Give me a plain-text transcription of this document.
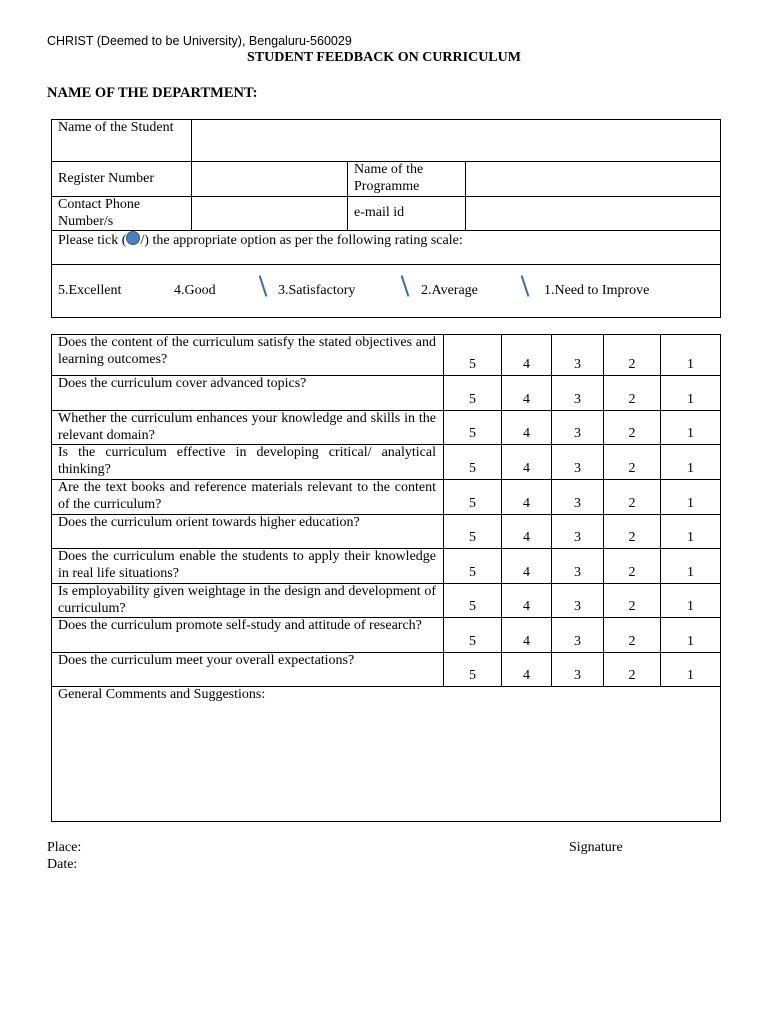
CHRIST (Deemed to be University), Bengaluru-560029
STUDENT FEEDBACK ON CURRICULUM
NAME OF THE DEPARTMENT:
Name of the Student			
Register Number		Name of the Programme	
Contact Phone Number/s		e-mail id	
Please tick ( /) the appropriate option as per the following rating scale:			

5.Excellent 4.Good 3.Satisfactory 2.Average 1.Need to Improve			
Does the content of the curriculum satisfy the stated objectives and learning outcomes?	5	4	3	2	1
Does the curriculum cover advanced topics?	5	4	3	2	1
Whether the curriculum enhances your knowledge and skills in the relevant domain?	5	4	3	2	1
Is the curriculum effective in developing critical/ analytical thinking?	5	4	3	2	1
Are the text books and reference materials relevant to the content of the curriculum?	5	4	3	2	1
Does the curriculum orient towards higher education?	5	4	3	2	1
Does the curriculum enable the students to apply their knowledge in real life situations?	5	4	3	2	1
Is employability given weightage in the design and development of curriculum?	5	4	3	2	1
Does the curriculum promote self-study and attitude of research?	5	4	3	2	1
Does the curriculum meet your overall expectations?	5	4	3	2	1
General Comments and Suggestions:					
Place:
Date:
Signature
